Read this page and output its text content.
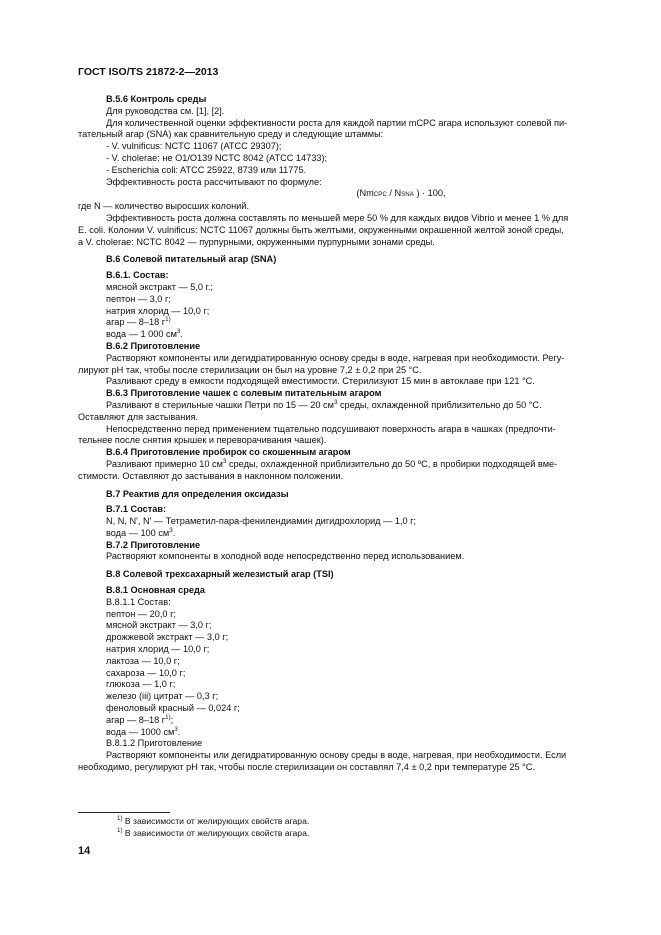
ГОСТ ISO/TS 21872-2—2013

В.5.6 Контроль среды

Для руководства см. [1], [2].

Для количественной оценки эффективности роста для каждой партии mCPC агара используют солевой пи-

тательный агар (SNA) как сравнительную среду и следующие штаммы:

- V. vulnificus: NCTC 11067 (ATCC 29307);

- V. cholerae: не О1/О139 NCTC 8042 (ATCC 14733);

- Escherichia coli: ATCC 25922, 8739 или 11775.

Эффективность роста рассчитывают по формуле:

(NmCPC / NSNA ) · 100,

где N — количество выросших колоний.

Эффективность роста должна составлять по меньшей мере 50 % для каждых видов Vibrio и менее 1 % для

E. coli. Колонии V. vulnificus: NCTC 11067 должны быть желтыми, окруженными окрашенной желтой зоной среды,

а V. cholerae: NCTC 8042 — пурпурными, окруженными пурпурными зонами среды.

В.6 Солевой питательный агар (SNA)

В.6.1. Состав:

мясной экстракт — 5,0 г.;

пептон — 3,0 г;

натрия хлорид — 10,0 г;

агар — 8–18 $г^{1)}$

вода — 1 000 $см^3$.

В.6.2 Приготовление

Растворяют компоненты или дегидратированную основу среды в воде, нагревая при необходимости. Регу-

лируют pH так, чтобы после стерилизации он был на уровне 7,2 ± 0,2 при 25 °С.

Разливают среду в емкости подходящей вместимости. Стерилизуют 15 мин в автоклаве при 121 °С.

В.6.3 Приготовление чашек с солевым питательным агаром

Разливают в стерильные чашки Петри по 15 — 20 $см^3$ среды, охлажденной приблизительно до 50 °С.

Оставляют для застывания.

Непосредственно перед применением тщательно подсушивают поверхность агара в чашках (предпочти-

тельнее после снятия крышек и переворачивания чашек).

В.6.4 Приготовление пробирок со скошенным агаром

Разливают примерно 10 $см^3$ среды, охлажденной приблизительно до 50 ºС, в пробирки подходящей вме-

стимости. Оставляют до застывания в наклонном положении.

В.7 Реактив для определения оксидазы

В.7.1 Состав:

N, N, N', N' — Тетраметил-пара-фенилендиамин дигидрохлорид — 1,0 г;

вода — 100 $см^3$.

В.7.2 Приготовление

Растворяют компоненты в холодной воде непосредственно перед использованием.

В.8 Солевой трехсахарный железистый агар (TSI)

В.8.1 Основная среда

В.8.1.1 Состав:

пептон — 20,0 г;

мясной экстракт — 3,0 г;

дрожжевой экстракт — 3,0 г;

натрия хлорид — 10,0 г;

лактоза — 10,0 г;

сахароза — 10,0 г;

глюкоза — 1,0 г;

железо (iii) цитрат — 0,3 г;

феноловый красный — 0,024 г;

агар — 8–18 $г^{1)}$;

вода — 1000 $см^3$.

В.8.1.2 Приготовление

Растворяют компоненты или дегидратированную основу среды в воде, нагревая, при необходимости. Если

необходимо, регулируют pH так, чтобы после стерилизации он составлял 7,4 ± 0,2 при температуре 25 °С.

$^{1)}$ В зависимости от желирующих свойств агара.

$^{1)}$ В зависимости от желирующих свойств агара.

14
